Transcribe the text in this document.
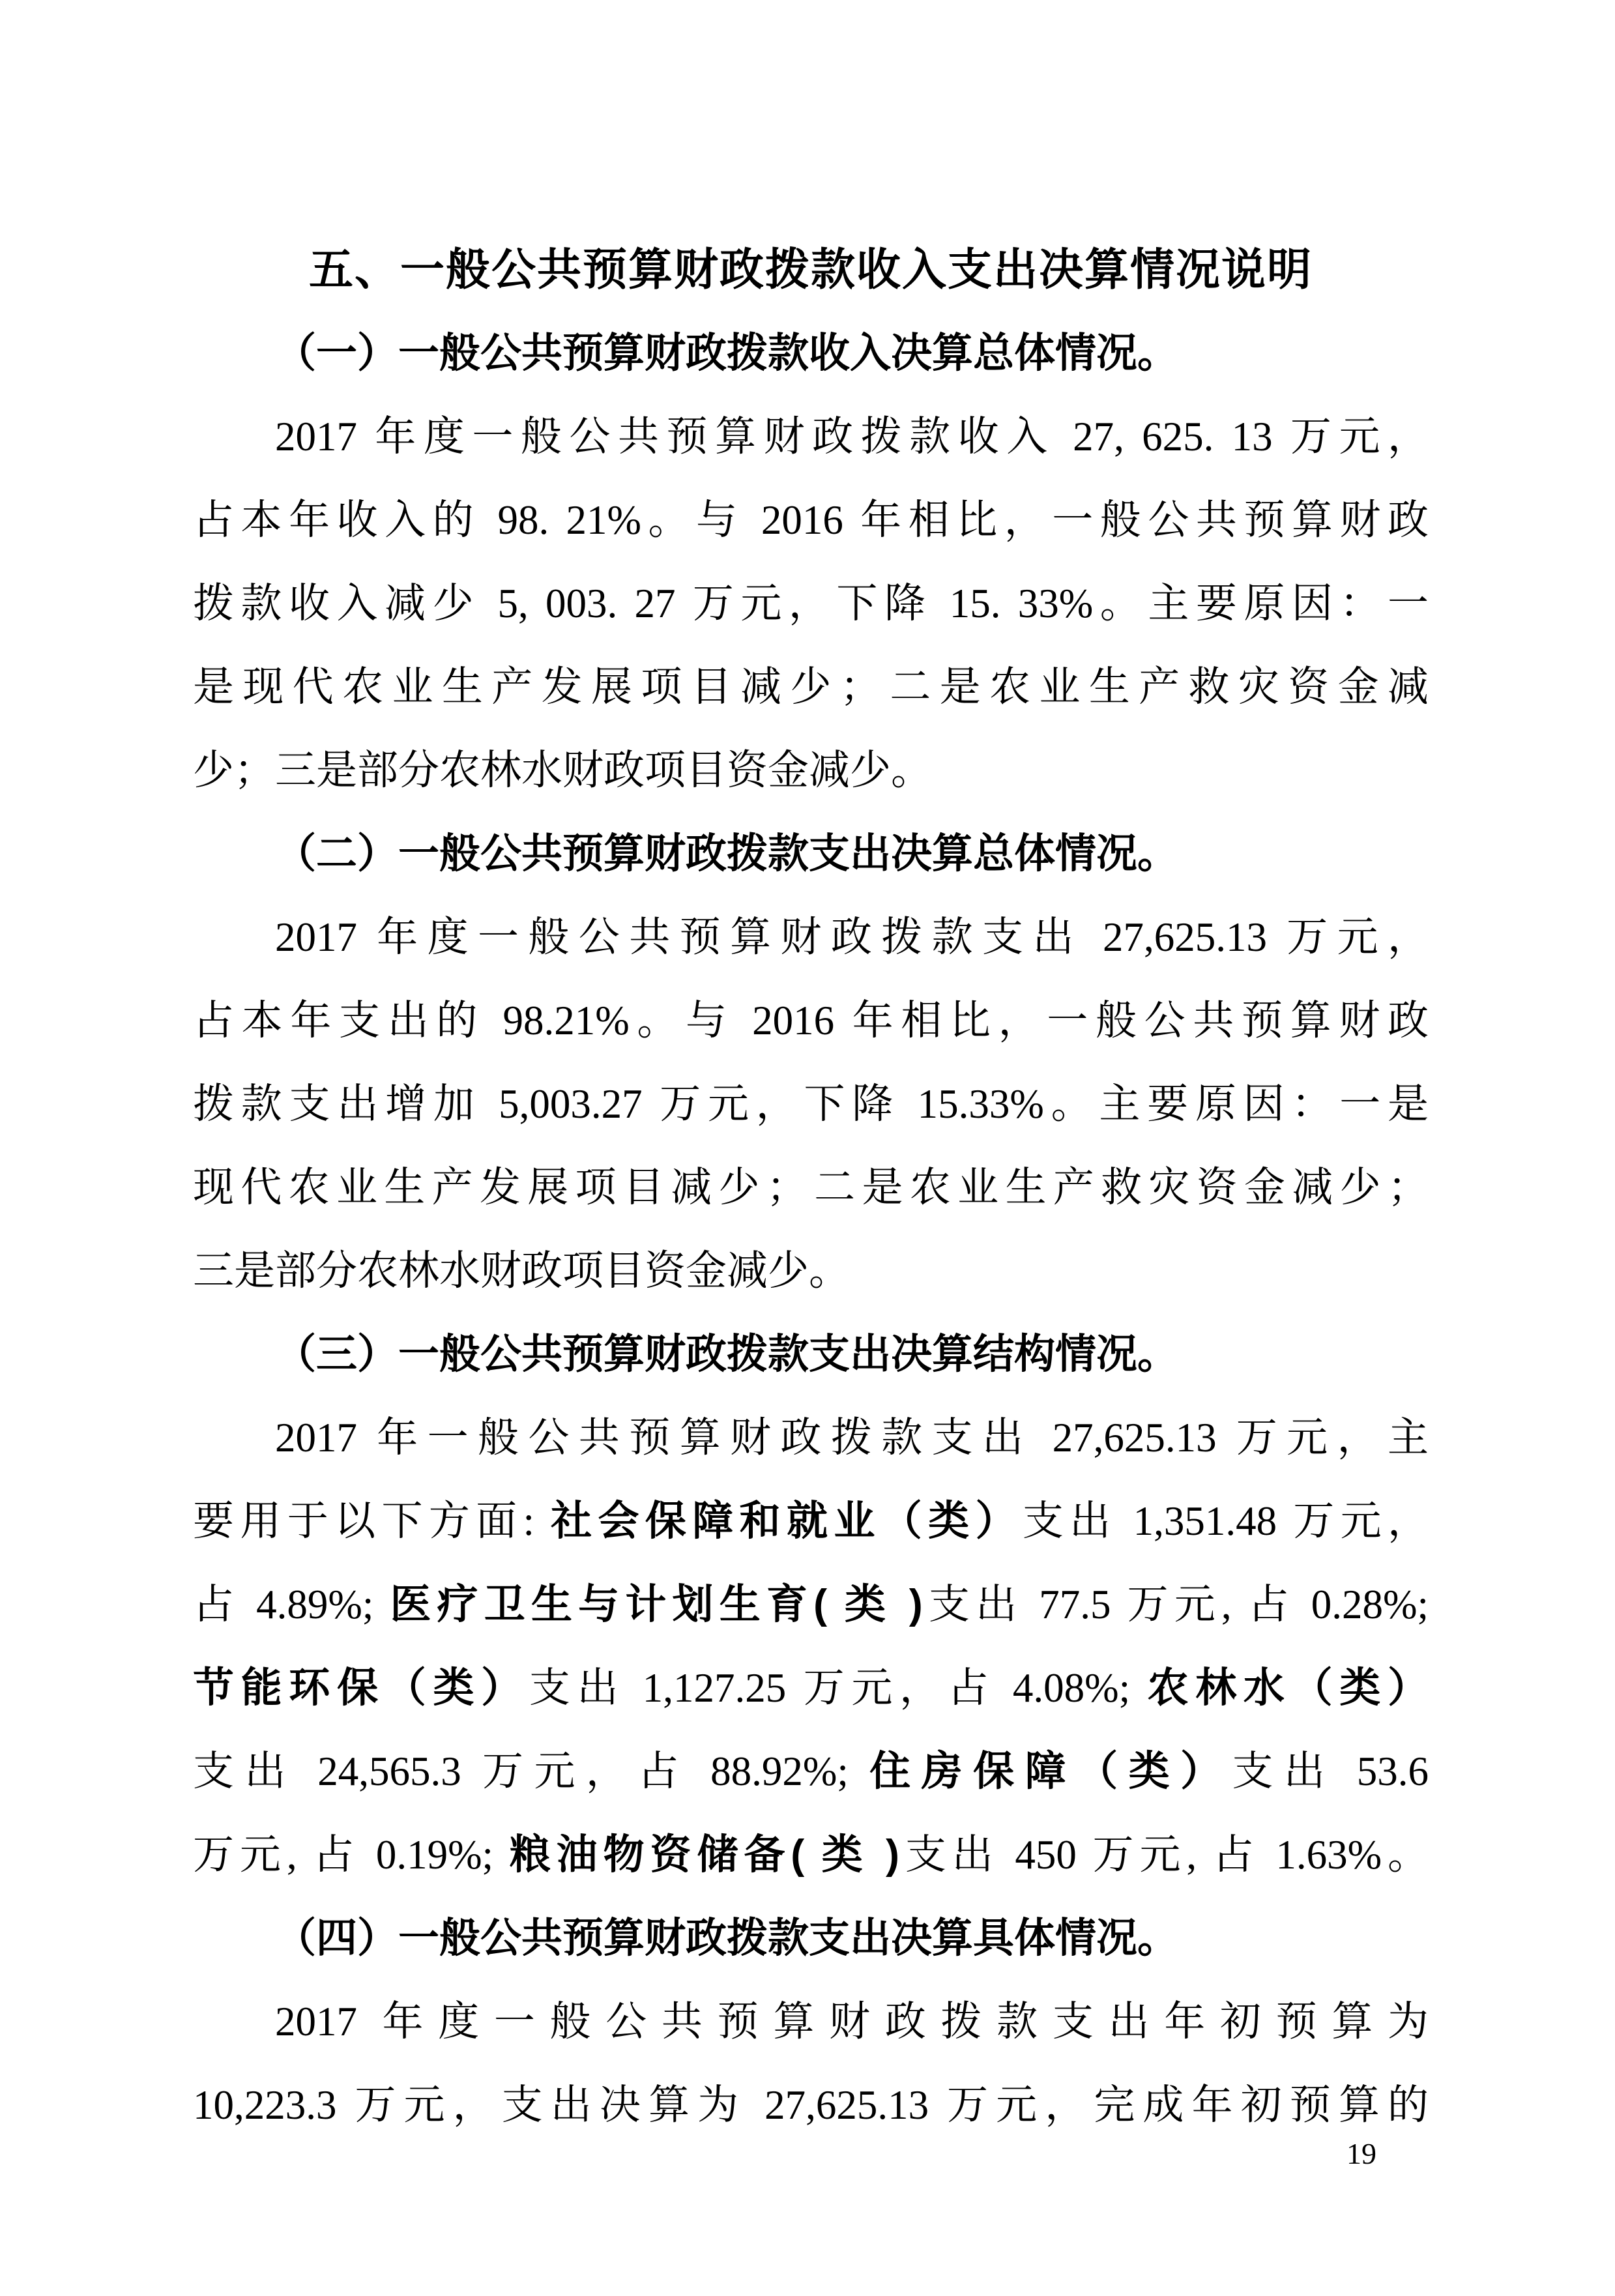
五、一般公共预算财政拨款收入支出决算情况说明
（一）一般公共预算财政拨款收入决算总体情况。
2017 年度一般公共预算财政拨款收入 27, 625. 13 万元，
占本年收入的 98. 21%。与 2016 年相比，一般公共预算财政
拨款收入减少 5, 003. 27 万元，下降 15. 33%。主要原因：一
是现代农业生产发展项目减少；二是农业生产救灾资金减
少；三是部分农林水财政项目资金减少。
（二）一般公共预算财政拨款支出决算总体情况。
2017 年度一般公共预算财政拨款支出 27,625.13 万元，
占本年支出的 98.21%。与 2016 年相比，一般公共预算财政
拨款支出增加 5,003.27 万元，下降 15.33%。主要原因：一是
现代农业生产发展项目减少；二是农业生产救灾资金减少；
三是部分农林水财政项目资金减少。
（三）一般公共预算财政拨款支出决算结构情况。
2017 年一般公共预算财政拨款支出 27,625.13 万元，主
要用于以下方面: 社会保障和就业（类）支出 1,351.48 万元，
占 4.89%; 医疗卫生与计划生育( 类 )支出 77.5 万元, 占 0.28%;
节能环保（类）支出 1,127.25 万元，占 4.08%; 农林水（类）
支出 24,565.3 万元，占 88.92%; 住房保障（类）支出 53.6
万元, 占 0.19%; 粮油物资储备( 类 )支出 450 万元, 占 1.63%。
（四）一般公共预算财政拨款支出决算具体情况。
2017 年度一般公共预算财政拨款支出年初预算为
10,223.3 万元，支出决算为 27,625.13 万元，完成年初预算的
19
